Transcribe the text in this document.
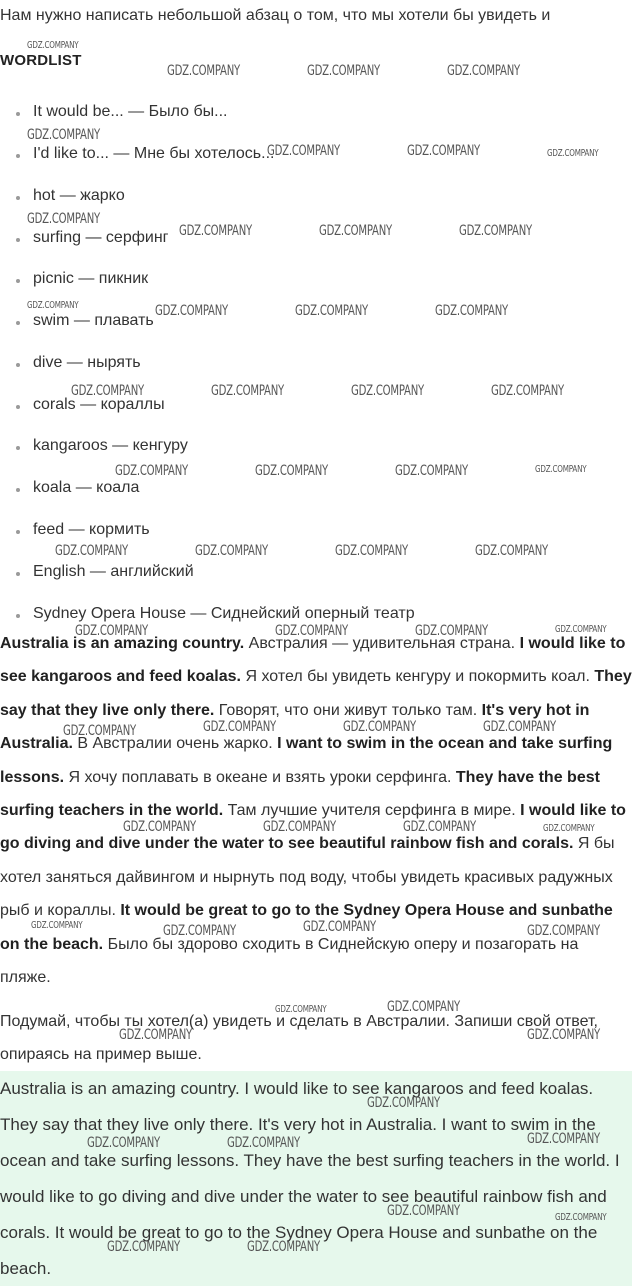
Нам нужно написать небольшой абзац о том, что мы хотели бы увидеть и
WORDLIST
It would be... — Было бы...
I'd like to... — Мне бы хотелось...
hot — жарко
surfing — серфинг
picnic — пикник
swim — плавать
dive — нырять
corals — кораллы
kangaroos — кенгуру
koala — коала
feed — кормить
English — английский
Sydney Opera House — Сиднейский оперный театр

Australia is an amazing country. Австралия — удивительная страна. I would like to see kangaroos and feed koalas. Я хотел бы увидеть кенгуру и покормить коал. They say that they live only there. Говорят, что они живут только там. It's very hot in Australia. В Австралии очень жарко. I want to swim in the ocean and take surfing lessons. Я хочу поплавать в океане и взять уроки серфинга. They have the best surfing teachers in the world. Там лучшие учителя серфинга в мире. I would like to go diving and dive under the water to see beautiful rainbow fish and corals. Я бы хотел заняться дайвингом и нырнуть под воду, чтобы увидеть красивых радужных рыб и кораллы. It would be great to go to the Sydney Opera House and sunbathe on the beach. Было бы здорово сходить в Сиднейскую оперу и позагорать на пляже.

Подумай, чтобы ты хотел(а) увидеть и сделать в Австралии. Запиши свой ответ, опираясь на пример выше.

Australia is an amazing country. I would like to see kangaroos and feed koalas. They say that they live only there. It's very hot in Australia. I want to swim in the ocean and take surfing lessons. They have the best surfing teachers in the world. I would like to go diving and dive under the water to see beautiful rainbow fish and corals. It would be great to go to the Sydney Opera House and sunbathe on the beach.

GDZ.COMPANY
GDZ.COMPANY	GDZ.COMPANY	GDZ.COMPANY
GDZ.COMPANY
GDZ.COMPANY	GDZ.COMPANY	GDZ.COMPANY
GDZ.COMPANY
GDZ.COMPANY	GDZ.COMPANY	GDZ.COMPANY
GDZ.COMPANY	GDZ.COMPANY	GDZ.COMPANY	GDZ.COMPANY
GDZ.COMPANY	GDZ.COMPANY	GDZ.COMPANY	GDZ.COMPANY
GDZ.COMPANY	GDZ.COMPANY	GDZ.COMPANY	GDZ.COMPANY
GDZ.COMPANY	GDZ.COMPANY	GDZ.COMPANY	GDZ.COMPANY
GDZ.COMPANY	GDZ.COMPANY	GDZ.COMPANY	GDZ.COMPANY
GDZ.COMPANY	GDZ.COMPANY	GDZ.COMPANY	GDZ.COMPANY
GDZ.COMPANY	GDZ.COMPANY	GDZ.COMPANY	GDZ.COMPANY
GDZ.COMPANY	GDZ.COMPANY	GDZ.COMPANY	GDZ.COMPANY
GDZ.COMPANY	GDZ.COMPANY
GDZ.COMPANY	GDZ.COMPANY
GDZ.COMPANY
GDZ.COMPANY	GDZ.COMPANY	GDZ.COMPANY
GDZ.COMPANY	GDZ.COMPANY
GDZ.COMPANY	GDZ.COMPANY
